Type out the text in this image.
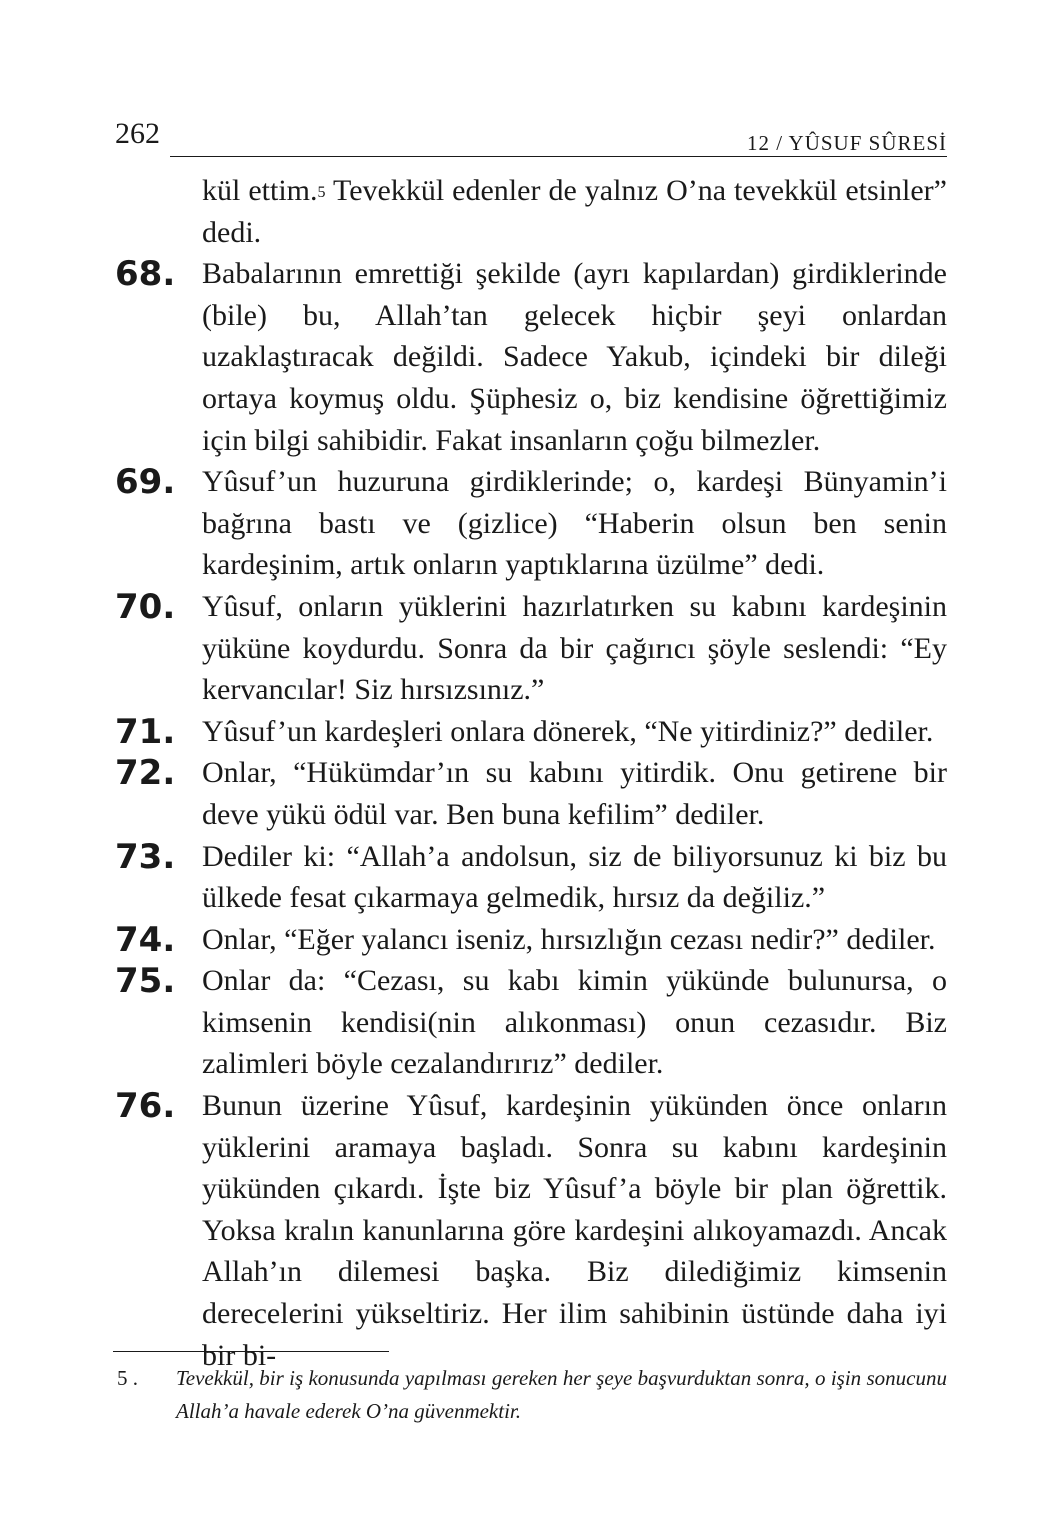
262	12 / YÛSUF SÛRESİ

kül ettim.$^5$ Tevekkül edenler de yalnız O’na tevekkül etsinler” dedi.

68. Babalarının emrettiği şekilde (ayrı kapılardan) girdiklerinde (bile) bu, Allah’tan gelecek hiçbir şeyi onlardan uzaklaştıracak değildi. Sadece Yakub, içindeki bir dileği ortaya koymuş oldu. Şüphesiz o, biz kendisine öğrettiğimiz için bilgi sahibidir. Fakat insanların çoğu bilmezler.

69. Yûsuf’un huzuruna girdiklerinde; o, kardeşi Bünyamin’i bağrına bastı ve (gizlice) “Haberin olsun ben senin kardeşinim, artık onların yaptıklarına üzülme” dedi.

70. Yûsuf, onların yüklerini hazırlatırken su kabını kardeşinin yüküne koydurdu. Sonra da bir çağırıcı şöyle seslendi: “Ey kervancılar! Siz hırsızsınız.”

71. Yûsuf’un kardeşleri onlara dönerek, “Ne yitirdiniz?” dediler.

72. Onlar, “Hükümdar’ın su kabını yitirdik. Onu getirene bir deve yükü ödül var. Ben buna kefilim” dediler.

73. Dediler ki: “Allah’a andolsun, siz de biliyorsunuz ki biz bu ülkede fesat çıkarmaya gelmedik, hırsız da değiliz.”

74. Onlar, “Eğer yalancı iseniz, hırsızlığın cezası nedir?” dediler.

75. Onlar da: “Cezası, su kabı kimin yükünde bulunursa, o kimsenin kendisi(nin alıkonması) onun cezasıdır. Biz zalimleri böyle cezalandırırız” dediler.

76. Bunun üzerine Yûsuf, kardeşinin yükünden önce onların yüklerini aramaya başladı. Sonra su kabını kardeşinin yükünden çıkardı. İşte biz Yûsuf’a böyle bir plan öğrettik. Yoksa kralın kanunlarına göre kardeşini alıkoyamazdı. Ancak Allah’ın dilemesi başka. Biz dilediğimiz kimsenin derecelerini yükseltiriz. Her ilim sahibinin üstünde daha iyi bir bi-

5 . Tevekkül, bir iş konusunda yapılması gereken her şeye başvurduktan sonra, o işin sonucunu Allah’a havale ederek O’na güvenmektir.
